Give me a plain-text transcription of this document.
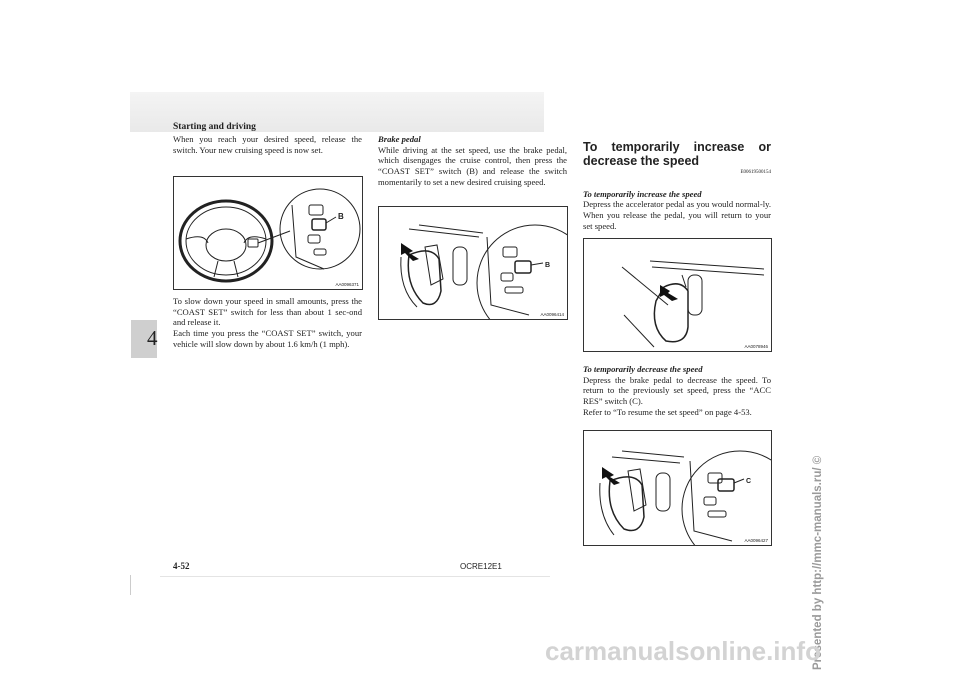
Starting and driving
4

When you reach your desired speed, release the switch. Your new cruising speed is now set.

B
AA0096371

To slow down your speed in small amounts, press the “COAST SET” switch for less than about 1 sec-ond and release it.

Each time you press the “COAST SET” switch, your vehicle will slow down by about 1.6 km/h (1 mph).

Brake pedal

While driving at the set speed, use the brake pedal, which disengages the cruise control, then press the “COAST SET” switch (B) and release the switch momentarily to set a new desired cruising speed.

B
AA0096414

To temporarily increase or decrease the speed

E00619500154

To temporarily increase the speed

Depress the accelerator pedal as you would normal-ly. When you release the pedal, you will return to your set speed.

AA0078946

To temporarily decrease the speed

Depress the brake pedal to decrease the speed. To return to the previously set speed, press the “ACC RES” switch (C).

Refer to “To resume the set speed” on page 4-53.

C
AA0096427
4-52	OCRE12E1	Presented by http://mmc-manuals.ru/ ©
carmanualsonline.info
